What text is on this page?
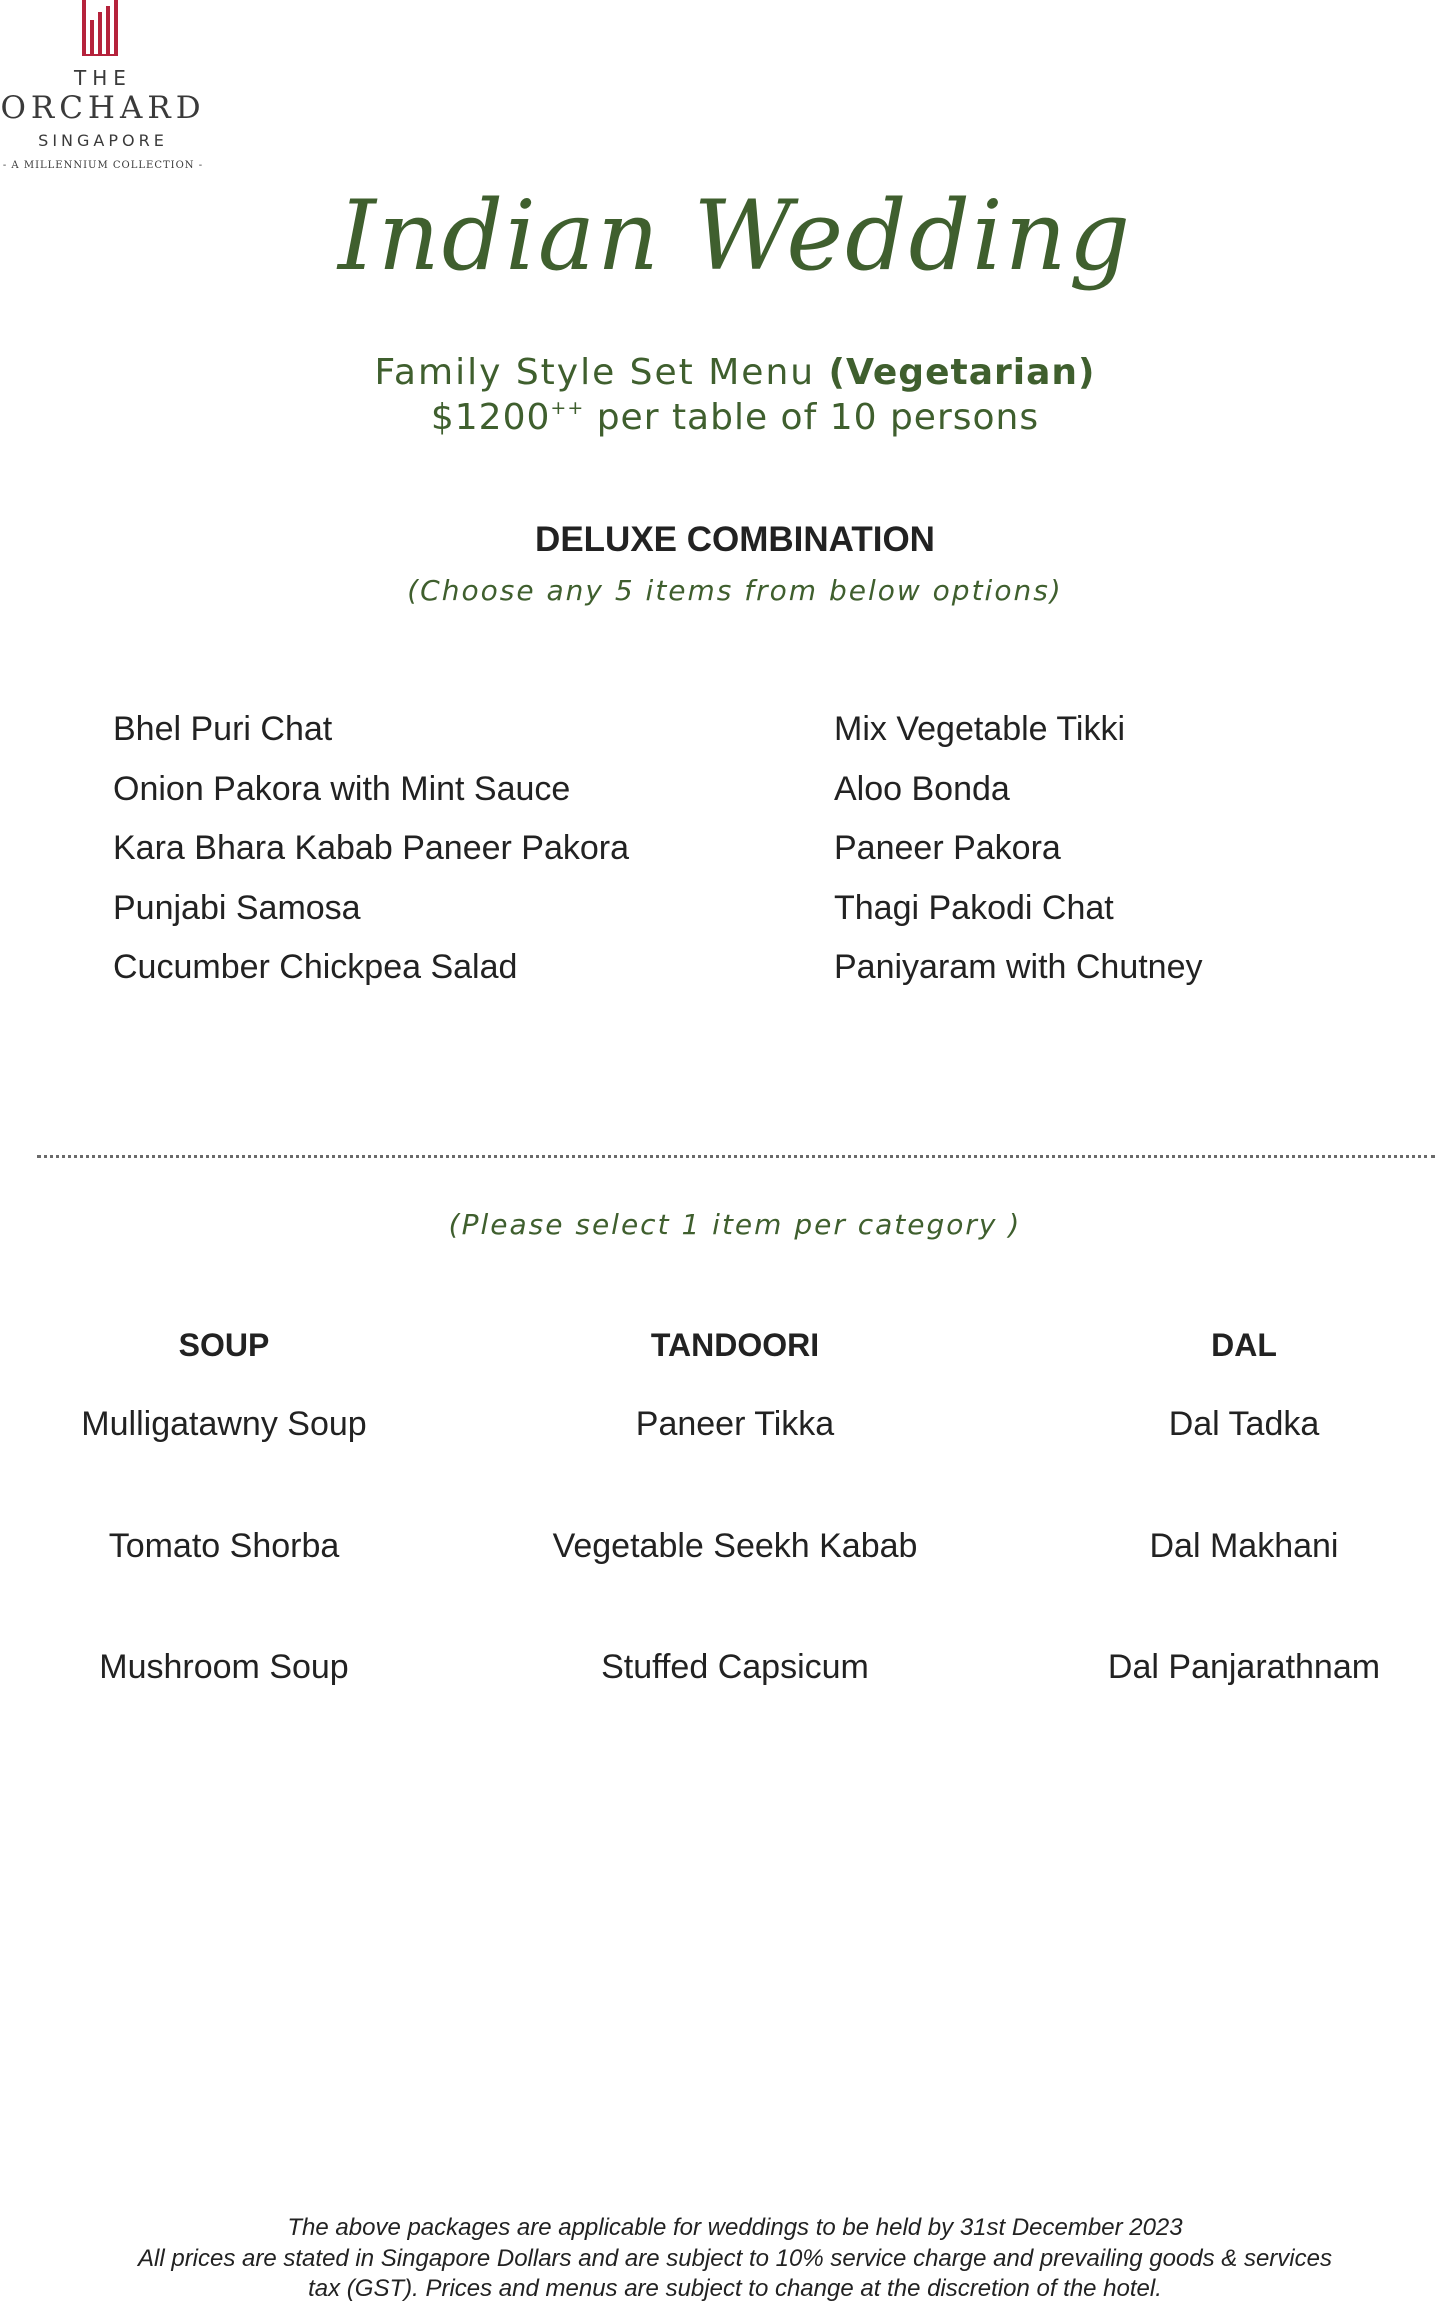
THE
ORCHARD
SINGAPORE
- A MILLENNIUM COLLECTION -
Indian Wedding
Family Style Set Menu (Vegetarian)
$1200++ per table of 10 persons
DELUXE COMBINATION
(Choose any 5 items from below options)
Bhel Puri Chat
Onion Pakora with Mint Sauce
Kara Bhara Kabab Paneer Pakora
Punjabi Samosa
Cucumber Chickpea Salad
Mix Vegetable Tikki
Aloo Bonda
Paneer Pakora
Thagi Pakodi Chat
Paniyaram with Chutney
(Please select 1 item per category )
SOUP
Mulligatawny Soup
Tomato Shorba
Mushroom Soup
TANDOORI
Paneer Tikka
Vegetable Seekh Kabab
Stuffed Capsicum
DAL
Dal Tadka
Dal Makhani
Dal Panjarathnam
The above packages are applicable for weddings to be held by 31st December 2023
All prices are stated in Singapore Dollars and are subject to 10% service charge and prevailing goods & services
tax (GST). Prices and menus are subject to change at the discretion of the hotel.
